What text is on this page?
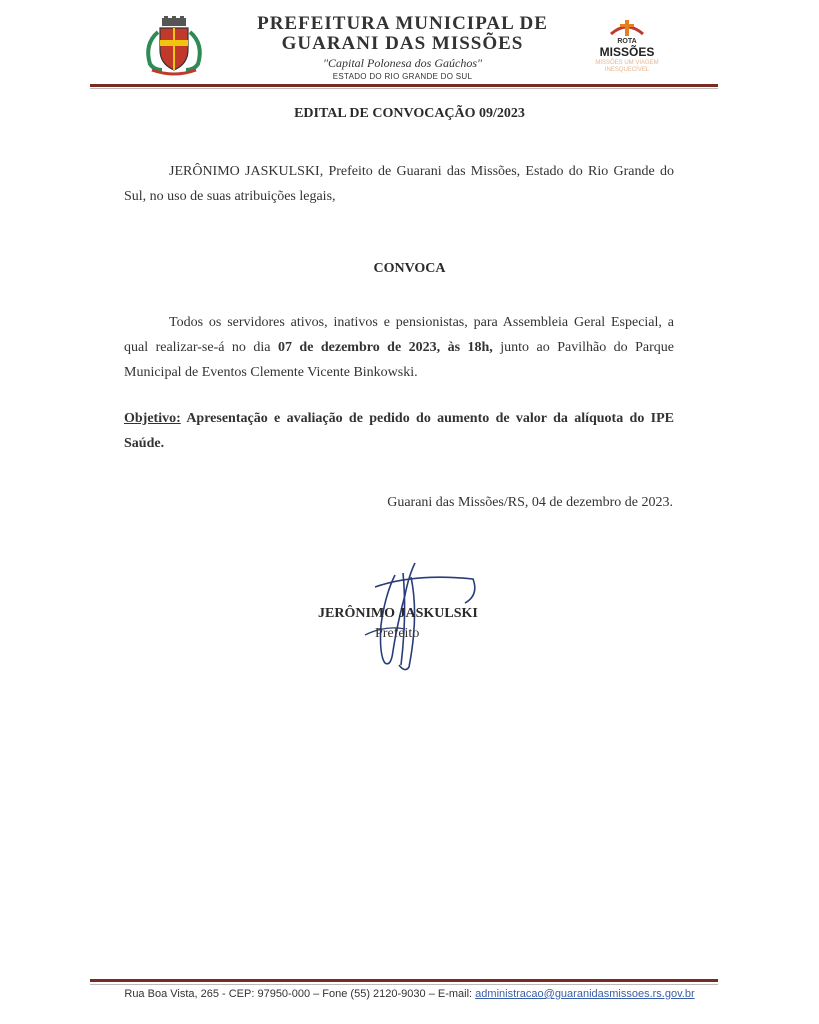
PREFEITURA MUNICIPAL DE
GUARANI DAS MISSÕES
"Capital Polonesa dos Gaúchos"
ESTADO DO RIO GRANDE DO SUL
ROTA
MISSÕES
MISSÕES UM VIAGEM INESQUECÍVEL
EDITAL DE CONVOCAÇÃO 09/2023
JERÔNIMO JASKULSKI, Prefeito de Guarani das Missões, Estado do Rio Grande do Sul, no uso de suas atribuições legais,
CONVOCA
Todos os servidores ativos, inativos e pensionistas, para Assembleia Geral Especial, a qual realizar-se-á no dia 07 de dezembro de 2023, às 18h, junto ao Pavilhão do Parque Municipal de Eventos Clemente Vicente Binkowski.
Objetivo: Apresentação e avaliação de pedido do aumento de valor da alíquota do IPE Saúde.
Guarani das Missões/RS, 04 de dezembro de 2023.
JERÔNIMO JASKULSKI
Prefeito
Rua Boa Vista, 265 - CEP: 97950-000 – Fone (55) 2120-9030 – E-mail: administracao@guaranidasmissoes.rs.gov.br
